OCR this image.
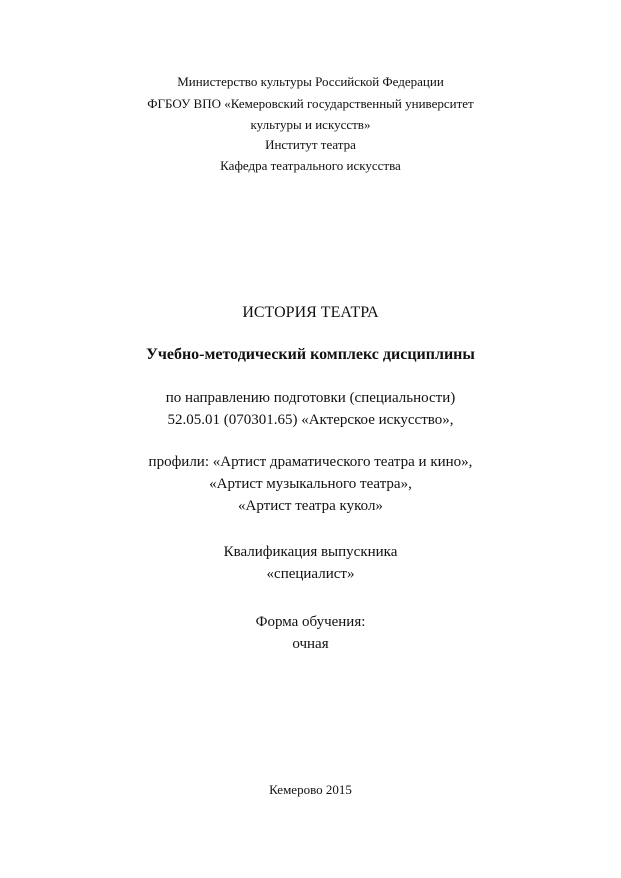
Министерство культуры Российской Федерации
ФГБОУ ВПО «Кемеровский государственный университет
культуры и искусств»
Институт театра
Кафедра театрального искусства
ИСТОРИЯ ТЕАТРА
Учебно-методический комплекс дисциплины
по направлению подготовки (специальности)
52.05.01 (070301.65) «Актерское искусство»,
профили: «Артист драматического театра и кино»,
«Артист музыкального театра»,
«Артист театра кукол»
Квалификация выпускника
«специалист»
Форма обучения:
очная
Кемерово 2015
